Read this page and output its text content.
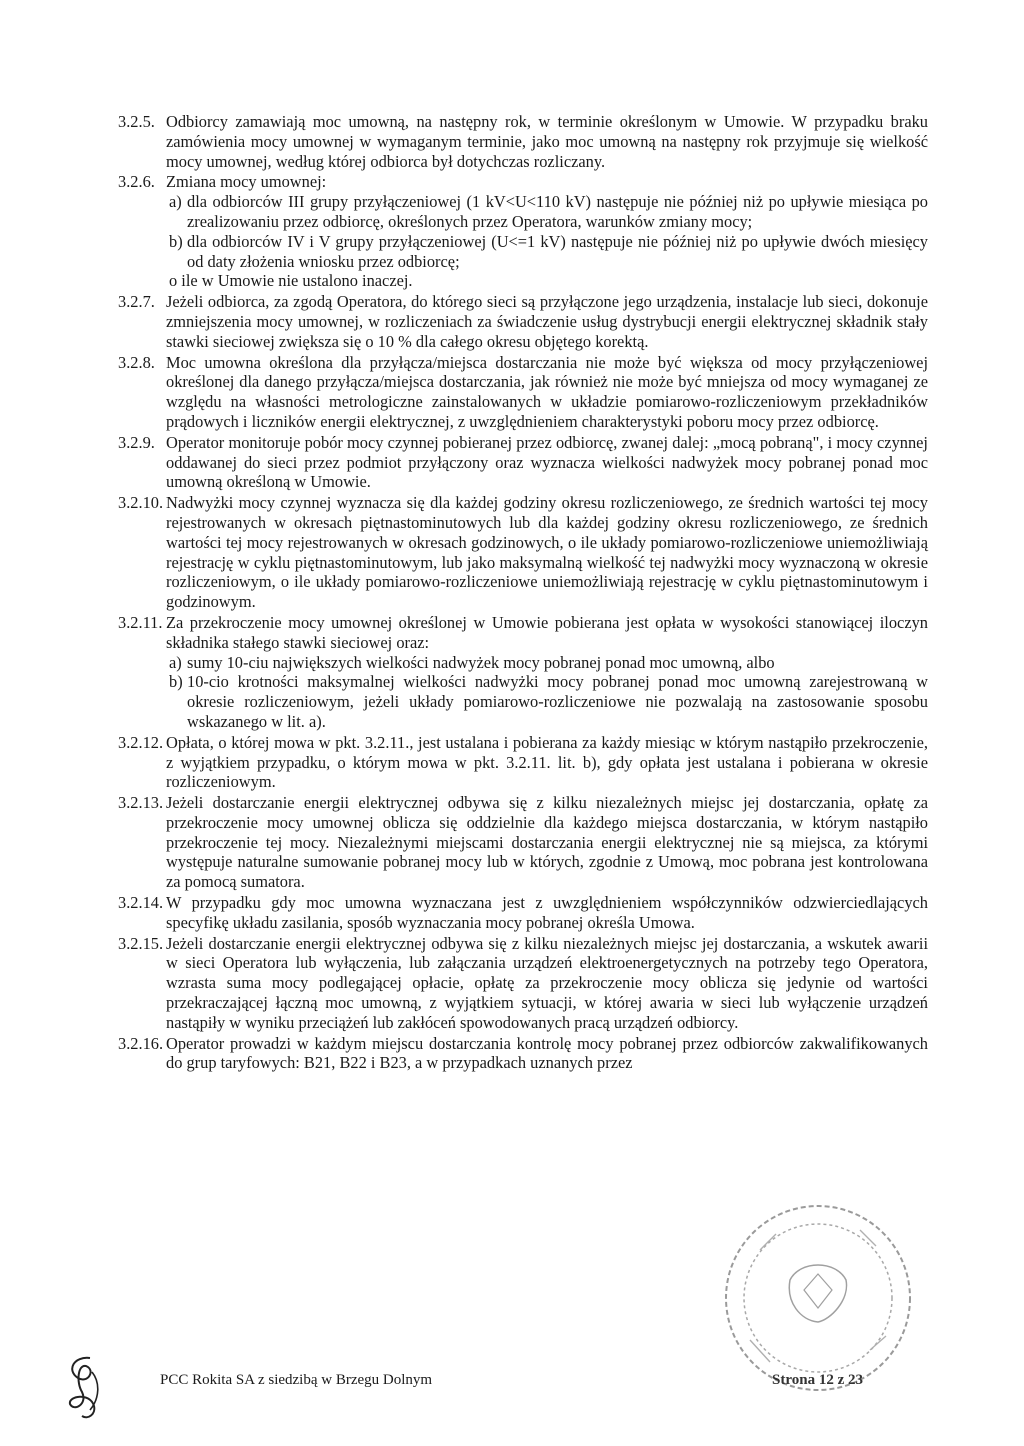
3.2.5. Odbiorcy zamawiają moc umowną, na następny rok, w terminie określonym w Umowie. W przypadku braku zamówienia mocy umownej w wymaganym terminie, jako moc umowną na następny rok przyjmuje się wielkość mocy umownej, według której odbiorca był dotychczas rozliczany.
3.2.6. Zmiana mocy umownej:
a) dla odbiorców III grupy przyłączeniowej (1 kV<U<110 kV) następuje nie później niż po upływie miesiąca po zrealizowaniu przez odbiorcę, określonych przez Operatora, warunków zmiany mocy;
b) dla odbiorców IV i V grupy przyłączeniowej (U<=1 kV) następuje nie później niż po upływie dwóch miesięcy od daty złożenia wniosku przez odbiorcę;
o ile w Umowie nie ustalono inaczej.
3.2.7. Jeżeli odbiorca, za zgodą Operatora, do którego sieci są przyłączone jego urządzenia, instalacje lub sieci, dokonuje zmniejszenia mocy umownej, w rozliczeniach za świadczenie usług dystrybucji energii elektrycznej składnik stały stawki sieciowej zwiększa się o 10 % dla całego okresu objętego korektą.
3.2.8. Moc umowna określona dla przyłącza/miejsca dostarczania nie może być większa od mocy przyłączeniowej określonej dla danego przyłącza/miejsca dostarczania, jak również nie może być mniejsza od mocy wymaganej ze względu na własności metrologiczne zainstalowanych w układzie pomiarowo-rozliczeniowym przekładników prądowych i liczników energii elektrycznej, z uwzględnieniem charakterystyki poboru mocy przez odbiorcę.
3.2.9. Operator monitoruje pobór mocy czynnej pobieranej przez odbiorcę, zwanej dalej: „mocą pobraną", i mocy czynnej oddawanej do sieci przez podmiot przyłączony oraz wyznacza wielkości nadwyżek mocy pobranej ponad moc umowną określoną w Umowie.
3.2.10. Nadwyżki mocy czynnej wyznacza się dla każdej godziny okresu rozliczeniowego, ze średnich wartości tej mocy rejestrowanych w okresach piętnastominutowych lub dla każdej godziny okresu rozliczeniowego, ze średnich wartości tej mocy rejestrowanych w okresach godzinowych, o ile układy pomiarowo-rozliczeniowe uniemożliwiają rejestrację w cyklu piętnastominutowym, lub jako maksymalną wielkość tej nadwyżki mocy wyznaczoną w okresie rozliczeniowym, o ile układy pomiarowo-rozliczeniowe uniemożliwiają rejestrację w cyklu piętnastominutowym i godzinowym.
3.2.11. Za przekroczenie mocy umownej określonej w Umowie pobierana jest opłata w wysokości stanowiącej iloczyn składnika stałego stawki sieciowej oraz:
a) sumy 10-ciu największych wielkości nadwyżek mocy pobranej ponad moc umowną, albo
b) 10-cio krotności maksymalnej wielkości nadwyżki mocy pobranej ponad moc umowną zarejestrowaną w okresie rozliczeniowym, jeżeli układy pomiarowo-rozliczeniowe nie pozwalają na zastosowanie sposobu wskazanego w lit. a).
3.2.12. Opłata, o której mowa w pkt. 3.2.11., jest ustalana i pobierana za każdy miesiąc w którym nastąpiło przekroczenie, z wyjątkiem przypadku, o którym mowa w pkt. 3.2.11. lit. b), gdy opłata jest ustalana i pobierana w okresie rozliczeniowym.
3.2.13. Jeżeli dostarczanie energii elektrycznej odbywa się z kilku niezależnych miejsc jej dostarczania, opłatę za przekroczenie mocy umownej oblicza się oddzielnie dla każdego miejsca dostarczania, w którym nastąpiło przekroczenie tej mocy. Niezależnymi miejscami dostarczania energii elektrycznej nie są miejsca, za którymi występuje naturalne sumowanie pobranej mocy lub w których, zgodnie z Umową, moc pobrana jest kontrolowana za pomocą sumatora.
3.2.14. W przypadku gdy moc umowna wyznaczana jest z uwzględnieniem współczynników odzwierciedlających specyfikę układu zasilania, sposób wyznaczania mocy pobranej określa Umowa.
3.2.15. Jeżeli dostarczanie energii elektrycznej odbywa się z kilku niezależnych miejsc jej dostarczania, a wskutek awarii w sieci Operatora lub wyłączenia, lub załączania urządzeń elektroenergetycznych na potrzeby tego Operatora, wzrasta suma mocy podlegającej opłacie, opłatę za przekroczenie mocy oblicza się jedynie od wartości przekraczającej łączną moc umowną, z wyjątkiem sytuacji, w której awaria w sieci lub wyłączenie urządzeń nastąpiły w wyniku przeciążeń lub zakłóceń spowodowanych pracą urządzeń odbiorcy.
3.2.16. Operator prowadzi w każdym miejscu dostarczania kontrolę mocy pobranej przez odbiorców zakwalifikowanych do grup taryfowych: B21, B22 i B23, a w przypadkach uznanych przez
PCC Rokita SA z siedzibą w Brzegu Dolnym	Strona 12 z 23
